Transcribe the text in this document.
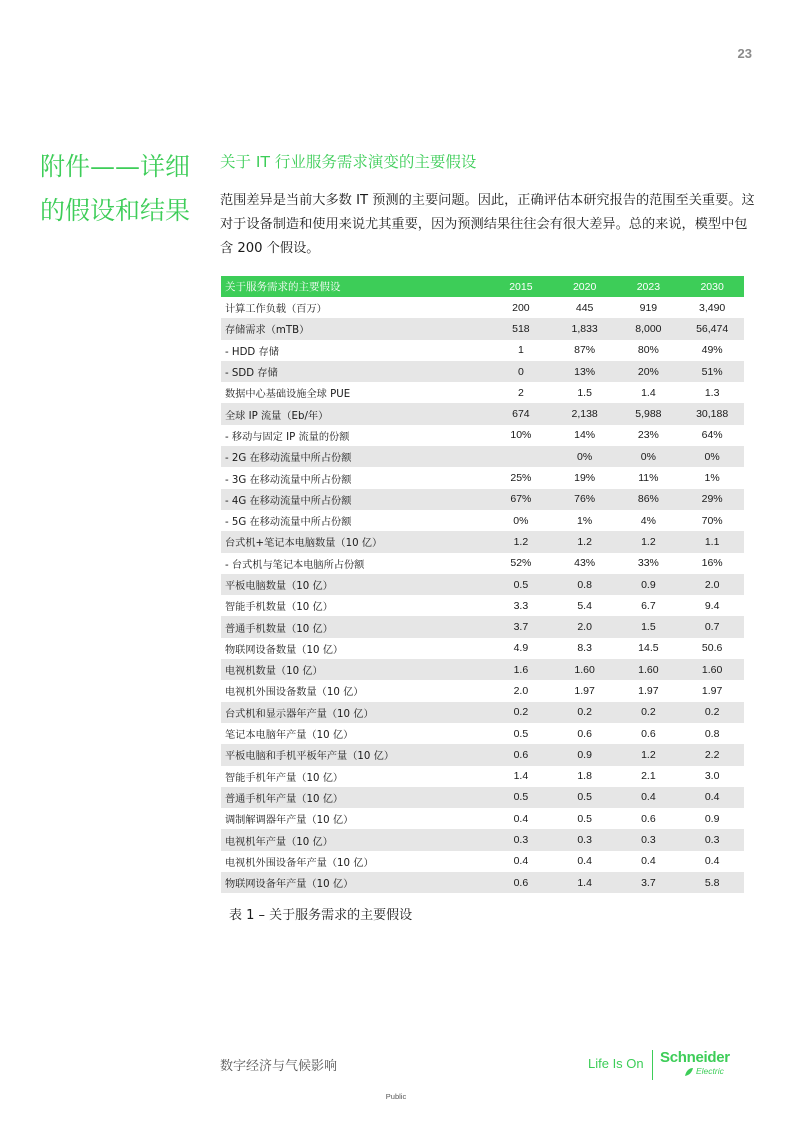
23
附件——详细的假设和结果
关于 IT 行业服务需求演变的主要假设

范围差异是当前大多数 IT 预测的主要问题。因此，正确评估本研究报告的范围至关重要。这对于设备制造和使用来说尤其重要，因为预测结果往往会有很大差异。总的来说，模型中包含 200 个假设。

关于服务需求的主要假设	2015	2020	2023	2030
计算工作负载（百万）	200	445	919	3,490
存储需求（mTB）	518	1,833	8,000	56,474
- HDD 存储	1	87%	80%	49%
- SDD 存储	0	13%	20%	51%
数据中心基础设施全球 PUE	2	1.5	1.4	1.3
全球 IP 流量（Eb/年）	674	2,138	5,988	30,188
- 移动与固定 IP 流量的份额	10%	14%	23%	64%
- 2G 在移动流量中所占份额		0%	0%	0%
- 3G 在移动流量中所占份额	25%	19%	11%	1%
- 4G 在移动流量中所占份额	67%	76%	86%	29%
- 5G 在移动流量中所占份额	0%	1%	4%	70%
台式机+笔记本电脑数量（10 亿）	1.2	1.2	1.2	1.1
- 台式机与笔记本电脑所占份额	52%	43%	33%	16%
平板电脑数量（10 亿）	0.5	0.8	0.9	2.0
智能手机数量（10 亿）	3.3	5.4	6.7	9.4
普通手机数量（10 亿）	3.7	2.0	1.5	0.7
物联网设备数量（10 亿）	4.9	8.3	14.5	50.6
电视机数量（10 亿）	1.6	1.60	1.60	1.60
电视机外围设备数量（10 亿）	2.0	1.97	1.97	1.97
台式机和显示器年产量（10 亿）	0.2	0.2	0.2	0.2
笔记本电脑年产量（10 亿）	0.5	0.6	0.6	0.8
平板电脑和手机平板年产量（10 亿）	0.6	0.9	1.2	2.2
智能手机年产量（10 亿）	1.4	1.8	2.1	3.0
普通手机年产量（10 亿）	0.5	0.5	0.4	0.4
调制解调器年产量（10 亿）	0.4	0.5	0.6	0.9
电视机年产量（10 亿）	0.3	0.3	0.3	0.3
电视机外围设备年产量（10 亿）	0.4	0.4	0.4	0.4
物联网设备年产量（10 亿）	0.6	1.4	3.7	5.8
表 1 – 关于服务需求的主要假设
数字经济与气候影响	Life Is On Schneider
Electric
Public
